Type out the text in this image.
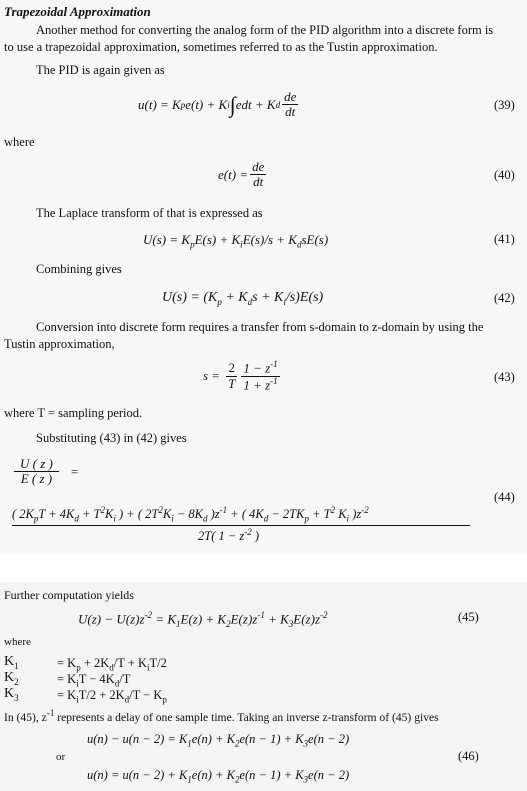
Trapezoidal Approximation
Another method for converting the analog form of the PID algorithm into a discrete form is
to use a trapezoidal approximation, sometimes referred to as the Tustin approximation.
The PID is again given as
u(t) = K p e(t) + K i ∫ edt + K d $\frac{de}{dt}$	(39)
where
$e(t) = \frac{de}{dt}$	(40)
The Laplace transform of that is expressed as
$U(s) = K_pE(s) + K_iE(s)/s + K_dsE(s)$	(41)
Combining gives
$U(s) = (K_p + K_ds + K_i/s)E(s)$	(42)
Conversion into discrete form requires a transfer from s-domain to z-domain by using the
Tustin approximation,
$s = \frac{2}{T} \frac{1 - z^{-1}}{1 + z^{-1}}$	(43)
where T = sampling period.
Substituting (43) in (42) gives
$\frac{U ( z )}{E ( z )}$ =
( $2K_pT + 4K_d + T^2K_i$ ) + ( $2T^2K_i - 8K_d$ )$z^{-1}$ + ( $4K_d - 2TK_p + T^2$ $K_i$ )$z^{-2}$
2T( $1 - z^{-2}$ )
(44)
Further computation yields
$U(z) - U(z)z^{-2} = K_1E(z) + K_2E(z)z^{-1} + K_3E(z)z^{-2}$	(45)
where
$K_1$	= $K_p + 2K_d/T + K_iT/2$
$K_2$	= $K_iT - 4K_d/T$
$K_3$	= $K_iT/2 + 2K_d/T - K_p$
In (45), $z^{-1}$ represents a delay of one sample time. Taking an inverse z-transform of (45) gives
$u(n) - u(n - 2) = K_1e(n) + K_2e(n - 1) + K_3e(n - 2)$
or
$u(n) = u(n - 2) + K_1e(n) + K_2e(n - 1) + K_3e(n - 2)$
(46)
